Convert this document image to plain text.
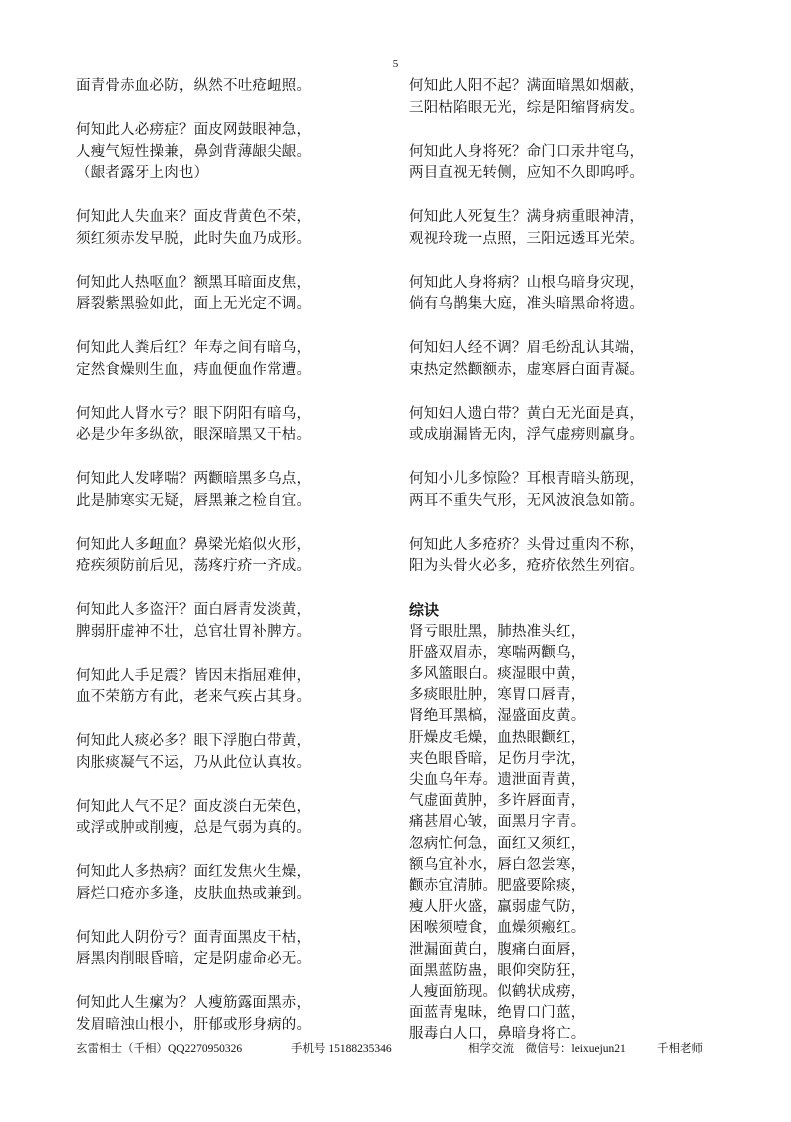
5
面青骨赤血必防，纵然不吐疮衄照。
何知此人必痨症？面皮网鼓眼神急，
人瘦气短性操兼，鼻剑背薄龈尖龈。
（龈者露牙上肉也）
何知此人失血来？面皮背黄色不荣，
须红须赤发早脱，此时失血乃成形。
何知此人热呕血？额黑耳暗面皮焦，
唇裂紫黑验如此，面上无光定不调。
何知此人粪后红？年寿之间有暗乌，
定然食燥则生血，痔血便血作常遭。
何知此人肾水亏？眼下阴阳有暗乌，
必是少年多纵欲，眼深暗黑又干枯。
何知此人发哮喘？两颧暗黑多乌点，
此是肺寒实无疑，唇黑兼之检自宜。
何知此人多衄血？鼻梁光焰似火形，
疮疾须防前后见，荡疼疔疥一齐成。
何知此人多盗汗？面白唇青发淡黄，
脾弱肝虚神不壮，总官壮胃补脾方。
何知此人手足震？皆因末指屈难伸，
血不荣筋方有此，老来气疾占其身。
何知此人痰必多？眼下浮胞白带黄，
肉胀痰凝气不运，乃从此位认真妆。
何知此人气不足？面皮淡白无荣色，
或浮或肿或削瘦，总是气弱为真的。
何知此人多热病？面红发焦火生燥，
唇烂口疮亦多逢，皮肤血热或兼到。
何知此人阴份亏？面青面黑皮干枯，
唇黑肉削眼昏暗，定是阴虚命必无。
何知此人生瘰为？人瘦筋露面黑赤，
发眉暗浊山根小，肝郁或形身病的。
何知此人阳不起？满面暗黑如烟蔽，
三阳枯陷眼无光，综是阳缩肾病发。
何知此人身将死？命门口汞井窀乌，
两目直视无转侧，应知不久即呜呼。
何知此人死复生？满身病重眼神清，
观视玲珑一点照，三阳远透耳光荣。
何知此人身将病？山根乌暗身灾现，
倘有乌鹊集大庭，准头暗黑命将遗。
何知妇人经不调？眉毛纷乱认其端，
束热定然颧额赤，虚寒唇白面青凝。
何知妇人遗白带？黄白无光面是真，
或成崩漏皆无肉，浮气虚痨则羸身。
何知小儿多惊险？耳根青暗头筋现，
两耳不重失气形，无风波浪急如箭。
何知此人多疮疥？头骨过重肉不称，
阳为头骨火必多，疮疥依然生列宿。
综诀
肾亏眼肚黑，肺热准头红，
肝盛双眉赤，寒喘两颧乌，
多风篮眼白。痰湿眼中黄，
多痰眼肚肿，寒胃口唇青，
肾绝耳黑槁，湿盛面皮黄。
肝燥皮毛燥，血热眼颧红，
夹色眼昏暗，足伤月孛沈，
尖血乌年寿。遗泄面青黄，
气虚面黄肿，多许唇面青，
痛甚眉心皱，面黑月字青。
忽病忙何急，面红又须红，
额乌宜补水，唇白忽尝寒，
颧赤宜清肺。肥盛要除痰，
瘦人肝火盛，羸弱虚气防，
困喉须噎食，血燥须瘢红。
泄漏面黄白，腹痛白面唇，
面黑蓝防蛊，眼仰突防狂，
人瘦面筋现。似鹤状成痨，
面蓝青鬼昧，绝胃口门蓝，
服毒白人口，鼻暗身将亡。
玄雷相士（千相）QQ2270950326	手机号 15188235346	相学交流　微信号：leixuejun21	千相老师
